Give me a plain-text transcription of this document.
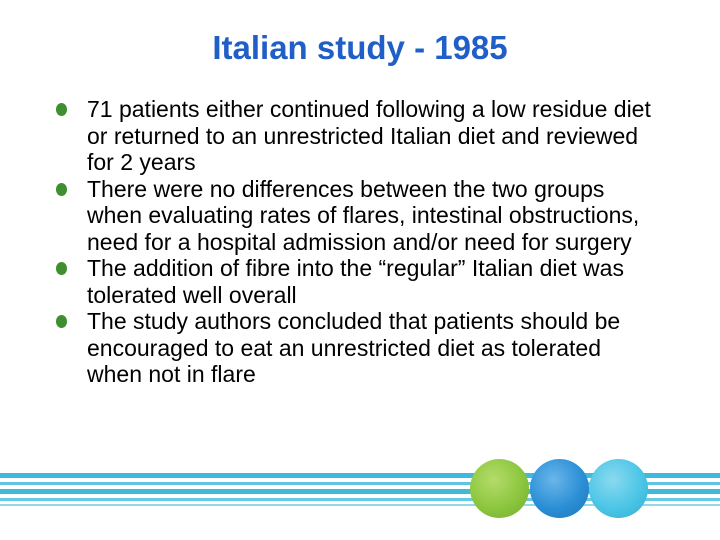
Italian study - 1985
71 patients either continued following a low residue diet or returned to an unrestricted Italian diet and reviewed for 2 years
There were no differences between the two groups when evaluating rates of flares, intestinal obstructions, need for a hospital admission and/or need for surgery
The addition of fibre into the “regular” Italian diet was tolerated well overall
The study authors concluded that patients should be encouraged to eat an unrestricted diet as tolerated when not in flare
